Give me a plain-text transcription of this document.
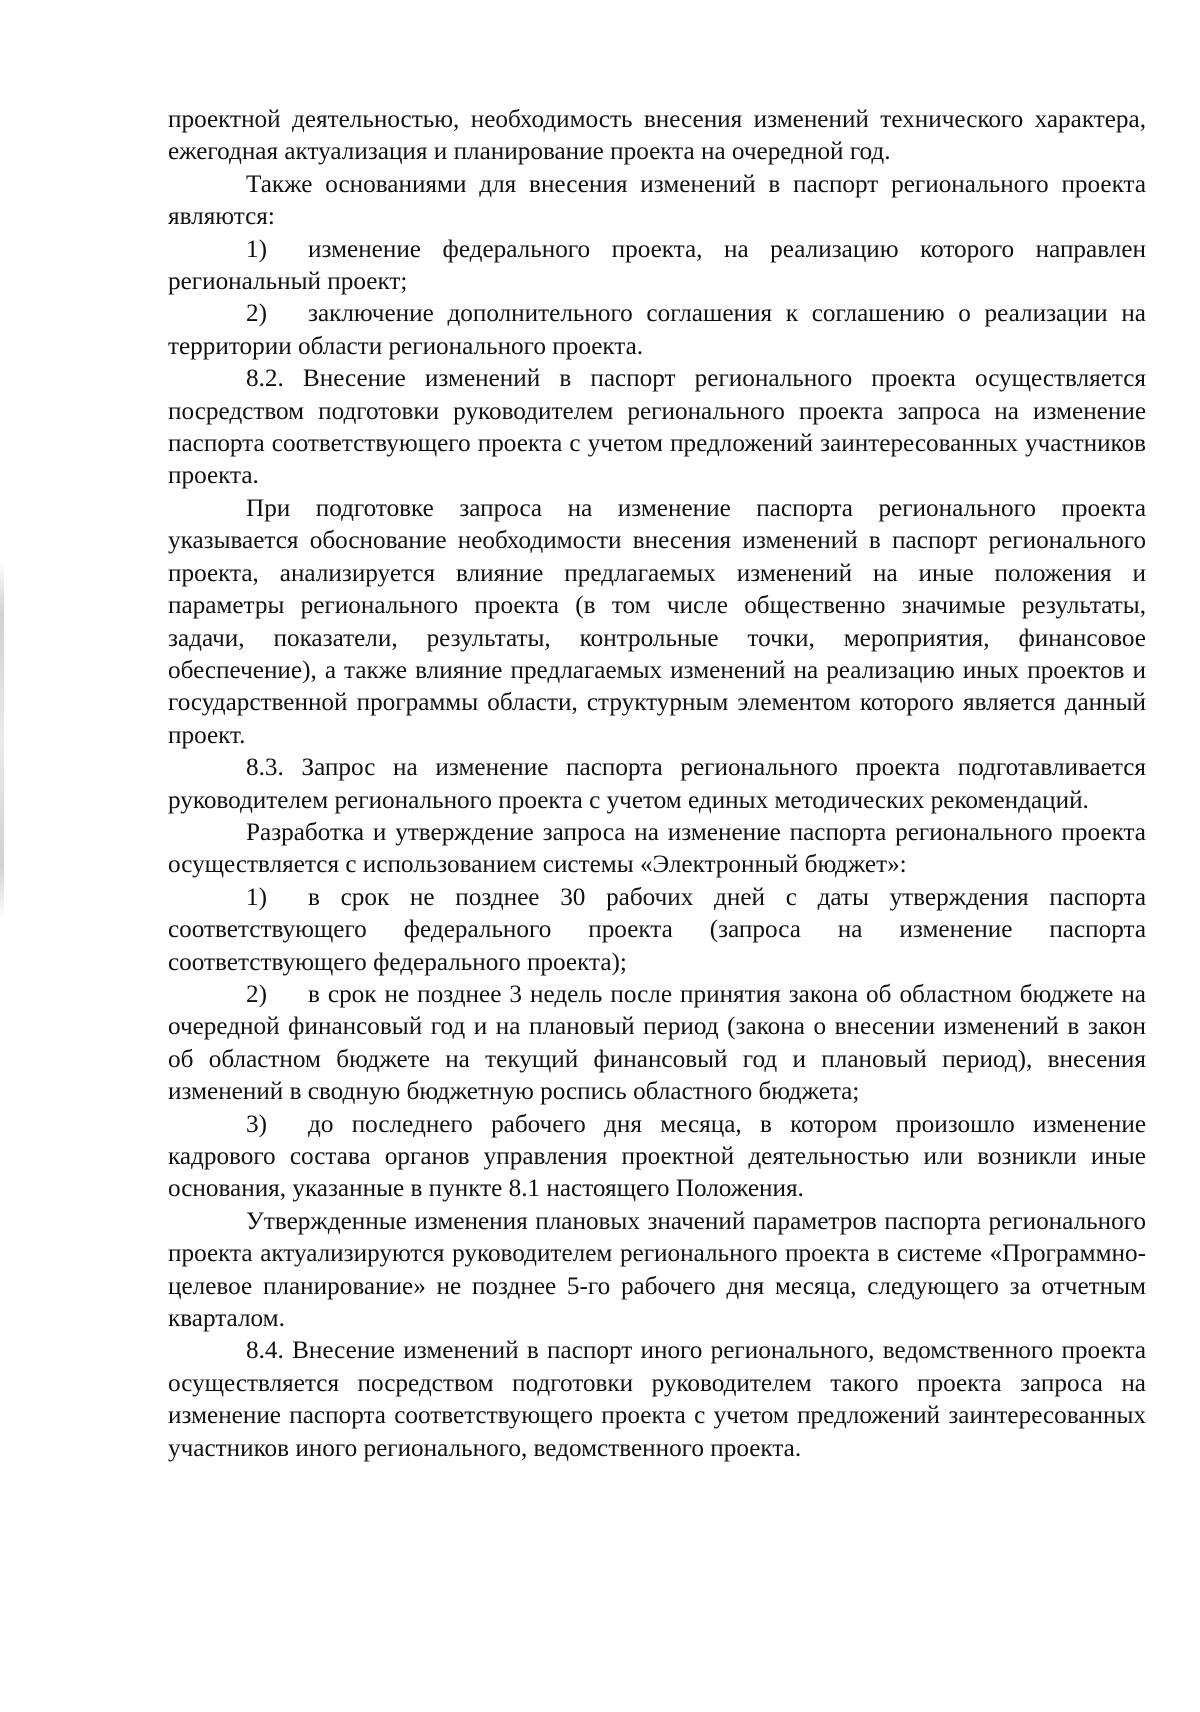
проектной деятельностью, необходимость внесения изменений технического характера, ежегодная актуализация и планирование проекта на очередной год.

Также основаниями для внесения изменений в паспорт регионального проекта являются:

1) изменение федерального проекта, на реализацию которого направлен региональный проект;

2) заключение дополнительного соглашения к соглашению о реализации на территории области регионального проекта.

8.2. Внесение изменений в паспорт регионального проекта осуществляется посредством подготовки руководителем регионального проекта запроса на изменение паспорта соответствующего проекта с учетом предложений заинтересованных участников проекта.

При подготовке запроса на изменение паспорта регионального проекта указывается обоснование необходимости внесения изменений в паспорт регионального проекта, анализируется влияние предлагаемых изменений на иные положения и параметры регионального проекта (в том числе общественно значимые результаты, задачи, показатели, результаты, контрольные точки, мероприятия, финансовое обеспечение), а также влияние предлагаемых изменений на реализацию иных проектов и государственной программы области, структурным элементом которого является данный проект.

8.3. Запрос на изменение паспорта регионального проекта подготавливается руководителем регионального проекта с учетом единых методических рекомендаций.

Разработка и утверждение запроса на изменение паспорта регионального проекта осуществляется с использованием системы «Электронный бюджет»:

1) в срок не позднее 30 рабочих дней с даты утверждения паспорта соответствующего федерального проекта (запроса на изменение паспорта соответствующего федерального проекта);

2) в срок не позднее 3 недель после принятия закона об областном бюджете на очередной финансовый год и на плановый период (закона о внесении изменений в закон об областном бюджете на текущий финансовый год и плановый период), внесения изменений в сводную бюджетную роспись областного бюджета;

3) до последнего рабочего дня месяца, в котором произошло изменение кадрового состава органов управления проектной деятельностью или возникли иные основания, указанные в пункте 8.1 настоящего Положения.

Утвержденные изменения плановых значений параметров паспорта регионального проекта актуализируются руководителем регионального проекта в системе «Программно-целевое планирование» не позднее 5-го рабочего дня месяца, следующего за отчетным кварталом.

8.4. Внесение изменений в паспорт иного регионального, ведомственного проекта осуществляется посредством подготовки руководителем такого проекта запроса на изменение паспорта соответствующего проекта с учетом предложений заинтересованных участников иного регионального, ведомственного проекта.
